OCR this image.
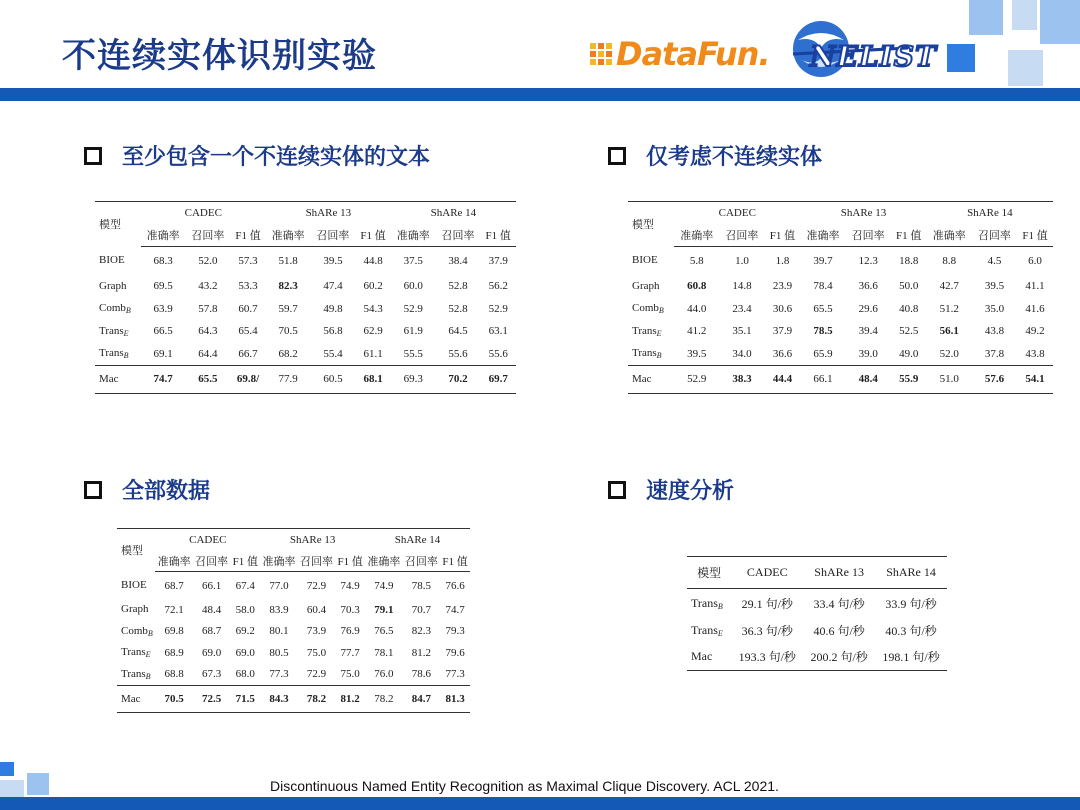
不连续实体识别实验	DataFun. NELIST
至少包含一个不连续实体的文本	仅考虑不连续实体
全部数据	速度分析
模型	CADEC			ShARe 13			ShARe 14		
	准确率	召回率	F1 值	准确率	召回率	F1 值	准确率	召回率	F1 值
BIOE	68.3	52.0	57.3	51.8	39.5	44.8	37.5	38.4	37.9
Graph	69.5	43.2	53.3	82.3	47.4	60.2	60.0	52.8	56.2
Comb$_B$	63.9	57.8	60.7	59.7	49.8	54.3	52.9	52.8	52.9
Trans$_E$	66.5	64.3	65.4	70.5	56.8	62.9	61.9	64.5	63.1
Trans$_B$	69.1	64.4	66.7	68.2	55.4	61.1	55.5	55.6	55.6
Mac	74.7	65.5	69.8/	77.9	60.5	68.1	69.3	70.2	69.7
模型	CADEC			ShARe 13			ShARe 14		
	准确率	召回率	F1 值	准确率	召回率	F1 值	准确率	召回率	F1 值
BIOE	5.8	1.0	1.8	39.7	12.3	18.8	8.8	4.5	6.0
Graph	60.8	14.8	23.9	78.4	36.6	50.0	42.7	39.5	41.1
Comb$_B$	44.0	23.4	30.6	65.5	29.6	40.8	51.2	35.0	41.6
Trans$_E$	41.2	35.1	37.9	78.5	39.4	52.5	56.1	43.8	49.2
Trans$_B$	39.5	34.0	36.6	65.9	39.0	49.0	52.0	37.8	43.8
Mac	52.9	38.3	44.4	66.1	48.4	55.9	51.0	57.6	54.1
模型	CADEC			ShARe 13			ShARe 14		
	准确率	召回率	F1 值	准确率	召回率	F1 值	准确率	召回率	F1 值
BIOE	68.7	66.1	67.4	77.0	72.9	74.9	74.9	78.5	76.6
Graph	72.1	48.4	58.0	83.9	60.4	70.3	79.1	70.7	74.7
Comb$_B$	69.8	68.7	69.2	80.1	73.9	76.9	76.5	82.3	79.3
Trans$_E$	68.9	69.0	69.0	80.5	75.0	77.7	78.1	81.2	79.6
Trans$_B$	68.8	67.3	68.0	77.3	72.9	75.0	76.0	78.6	77.3
Mac	70.5	72.5	71.5	84.3	78.2	81.2	78.2	84.7	81.3
模型	CADEC	ShARe 13	ShARe 14
Trans$_B$	29.1 句/秒	33.4 句/秒	33.9 句/秒
Trans$_E$	36.3 句/秒	40.6 句/秒	40.3 句/秒
Mac	193.3 句/秒	200.2 句/秒	198.1 句/秒
Discontinuous Named Entity Recognition as Maximal Clique Discovery. ACL 2021.
